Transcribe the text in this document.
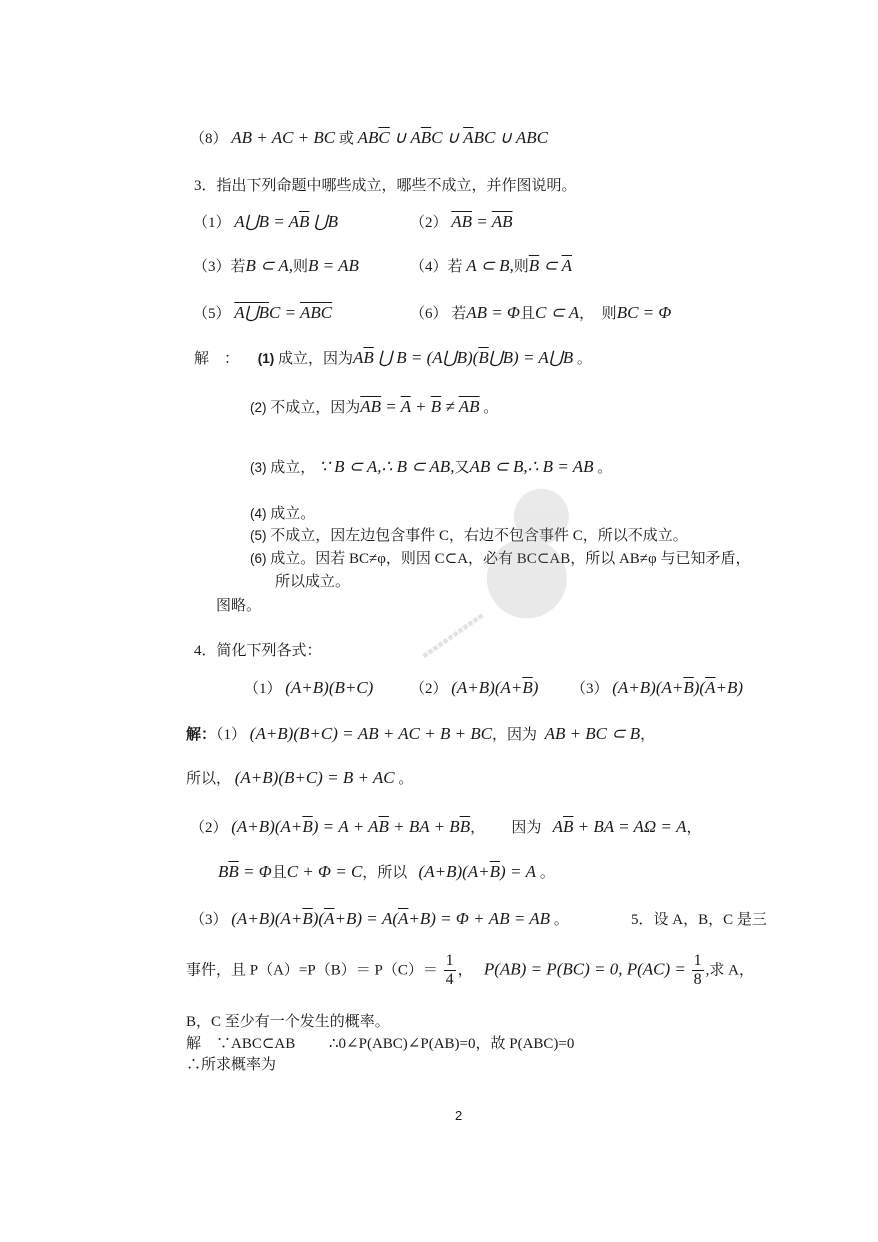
（8） AB + AC + BC 或 $AB\overline{C}$ ∪ $A\overline{B}C$ ∪ $\overline{A}BC$ ∪ ABC
3．指出下列命题中哪些成立，哪些不成立，并作图说明。
（1） A⋃B = $A\overline{B}$ ⋃B	（2） $\overline{A}\overline{B} = \overline{AB}$
（3）若B ⊂ A,则B = AB	（4）若 A ⊂ B,则$\overline{B}$ ⊂ $\overline{A}$
（5） A⋃BC = $\overline{A}\overline{B}\overline{C}$	（6） 若AB = Φ且C ⊂ A， 则BC = Φ
解　： (1) 成立，因为$A\overline{B}$ ⋃ $B = (A⋃B)(\overline{B}⋃B)$ = A⋃B 。
(2) 不成立，因为$\overline{AB} = \overline{A} + \overline{B} \ne \overline{A}\overline{B}$ 。
(3) 成立， ∵ B ⊂ A,∴ B ⊂ AB,又AB ⊂ B,∴ B = AB 。
(4) 成立。
(5) 不成立，因左边包含事件 C，右边不包含事件 C，所以不成立。
(6) 成立。因若 BC≠φ，则因 C⊂A，必有 BC⊂AB，所以 AB≠φ 与已知矛盾，
所以成立。
图略。
▪▪▪▪▪▪▪▪▪▪▪▪
4．简化下列各式：
（1） (A+B)(B+C) （2） $(A+B)(A+\overline{B})$ （3） $(A+B)(A+\overline{B})(\overline{A}+B)$
解：（1） (A+B)(B+C) = AB + AC + B + BC，因为 AB + BC ⊂ B，
所以， (A+B)(B+C) = B + AC 。
（2） $(A+B)(A+\overline{B}) = A + A\overline{B}$ + BA + $B\overline{B}$， 因为 $A\overline{B}$ + BA = AΩ = A，
$B\overline{B} = \Phi$且C + Φ = C，所以 $(A+B)(A+\overline{B}) = A$ 。
（3） $(A+B)(A+\overline{B})(\overline{A}+B) = A(\overline{A}+B) = \Phi$ + AB = AB 。	5．设 A，B，C 是三
事件，且 $P(A)=P(B)= P(C)= \frac{1}{4}$ ， P(AB) = P(BC) = 0, $P(AC) = \frac{1}{8}$ ,求 A，
B，C 至少有一个发生的概率。
解 ∵ABC⊂AB ∴0∠P(ABC)∠P(AB)=0，故 P(ABC)=0
∴所求概率为
2
